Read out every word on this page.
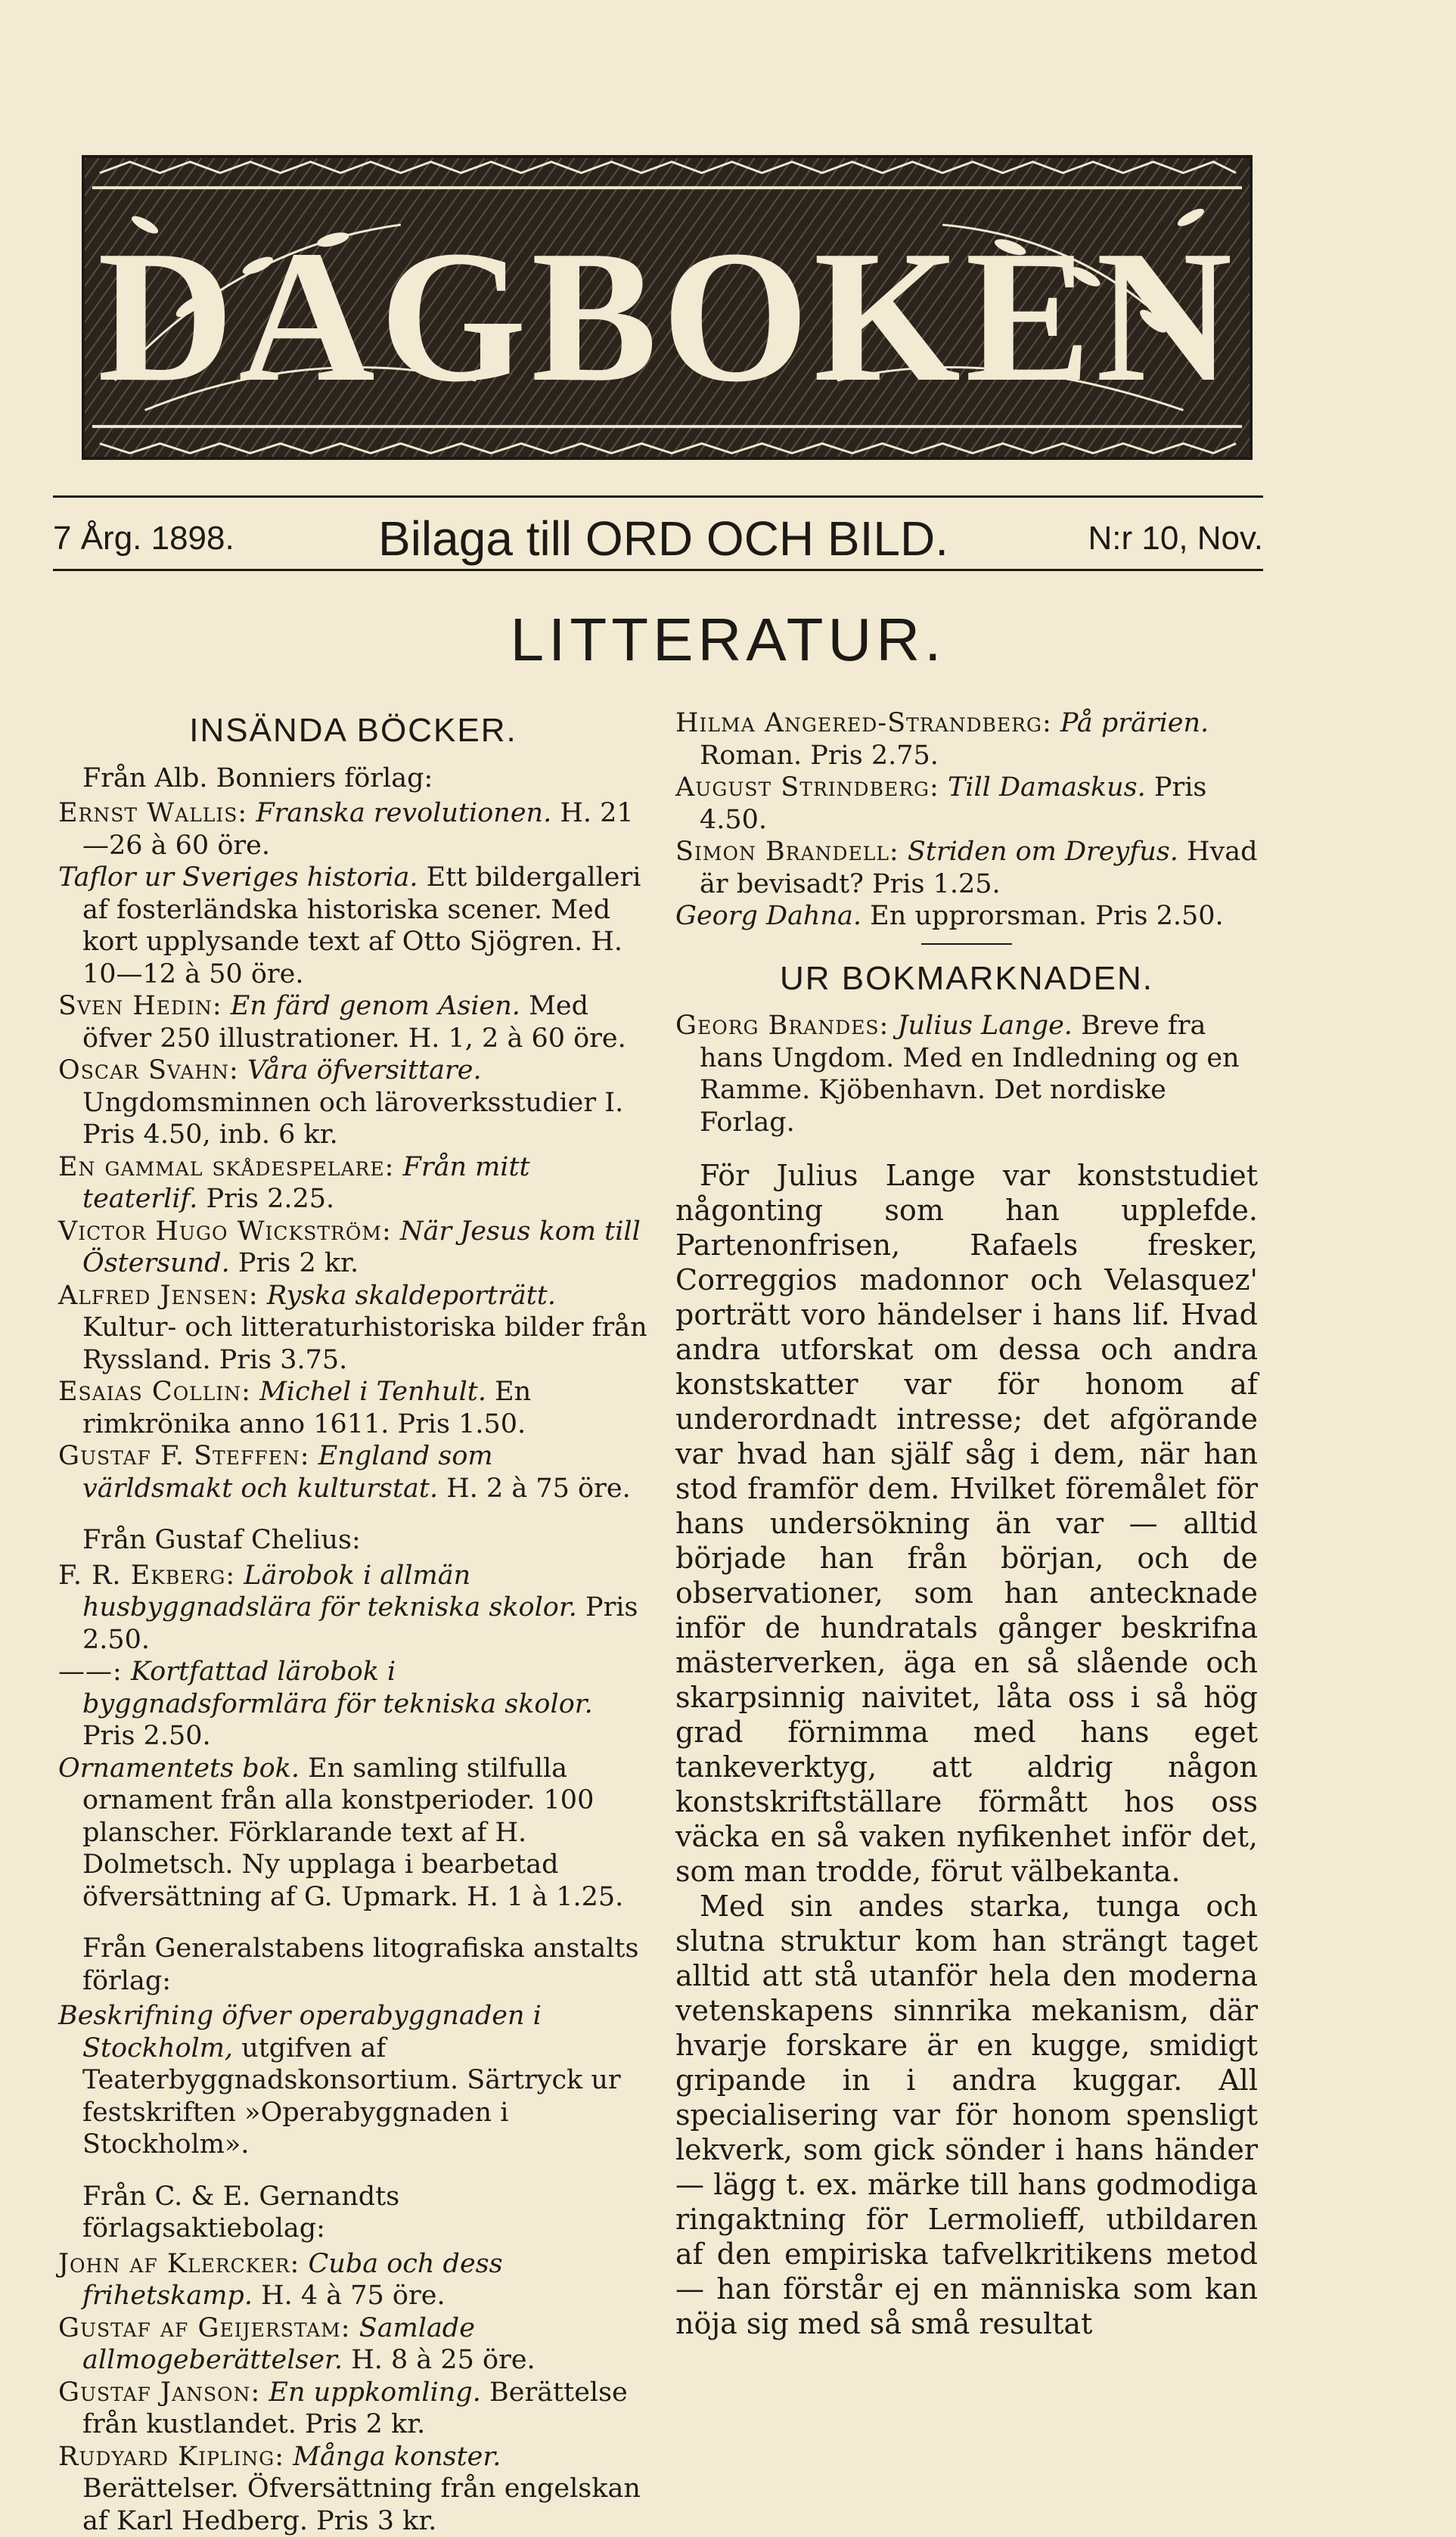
DAGBOKEN
7 Årg. 1898.	Bilaga till ORD OCH BILD.	N:r 10, Nov.
LITTERATUR.
INSÄNDA BÖCKER.
Från Alb. Bonniers förlag:

Ernst Wallis: Franska revolutionen. H. 21—26 à 60 öre.

Taflor ur Sveriges historia. Ett bildergalleri af fosterländska historiska scener. Med kort upplysande text af Otto Sjögren. H. 10—12 à 50 öre.

Sven Hedin: En färd genom Asien. Med öfver 250 illustrationer. H. 1, 2 à 60 öre.

Oscar Svahn: Våra öfversittare. Ungdomsminnen och läroverksstudier I. Pris 4.50, inb. 6 kr.

En gammal skådespelare: Från mitt teaterlif. Pris 2.25.

Victor Hugo Wickström: När Jesus kom till Östersund. Pris 2 kr.

Alfred Jensen: Ryska skaldeporträtt. Kultur- och litteraturhistoriska bilder från Ryssland. Pris 3.75.

Esaias Collin: Michel i Tenhult. En rimkrönika anno 1611. Pris 1.50.

Gustaf F. Steffen: England som världsmakt och kulturstat. H. 2 à 75 öre.

Från Gustaf Chelius:

F. R. Ekberg: Lärobok i allmän husbyggnadslära för tekniska skolor. Pris 2.50.

——: Kortfattad lärobok i byggnadsformlära för tekniska skolor. Pris 2.50.

Ornamentets bok. En samling stilfulla ornament från alla konstperioder. 100 planscher. Förklarande text af H. Dolmetsch. Ny upplaga i bearbetad öfversättning af G. Upmark. H. 1 à 1.25.

Från Generalstabens litografiska anstalts förlag:

Beskrifning öfver operabyggnaden i Stockholm, utgifven af Teaterbyggnadskonsortium. Särtryck ur festskriften »Operabyggnaden i Stockholm».

Från C. & E. Gernandts förlagsaktiebolag:

John af Klercker: Cuba och dess frihetskamp. H. 4 à 75 öre.

Gustaf af Geijerstam: Samlade allmogeberättelser. H. 8 à 25 öre.

Gustaf Janson: En uppkomling. Berättelse från kustlandet. Pris 2 kr.

Rudyard Kipling: Många konster. Berättelser. Öfversättning från engelskan af Karl Hedberg. Pris 3 kr.

Hilma Angered-Strandberg: På prärien. Roman. Pris 2.75.

August Strindberg: Till Damaskus. Pris 4.50.

Simon Brandell: Striden om Dreyfus. Hvad är bevisadt? Pris 1.25.

Georg Dahna. En upprorsman. Pris 2.50.

UR BOKMARKNADEN.

Georg Brandes: Julius Lange. Breve fra hans Ungdom. Med en Indledning og en Ramme. Kjöbenhavn. Det nordiske Forlag.

För Julius Lange var konststudiet någonting som han upplefde. Partenonfrisen, Rafaels fresker, Correggios madonnor och Velasquez' porträtt voro händelser i hans lif. Hvad andra utforskat om dessa och andra konstskatter var för honom af underordnadt intresse; det afgörande var hvad han själf såg i dem, när han stod framför dem. Hvilket föremålet för hans undersökning än var — alltid började han från början, och de observationer, som han antecknade inför de hundratals gånger beskrifna mästerverken, äga en så slående och skarpsinnig naivitet, låta oss i så hög grad förnimma med hans eget tankeverktyg, att aldrig någon konstskriftställare förmått hos oss väcka en så vaken nyfikenhet inför det, som man trodde, förut välbekanta.

Med sin andes starka, tunga och slutna struktur kom han strängt taget alltid att stå utanför hela den moderna vetenskapens sinnrika mekanism, där hvarje forskare är en kugge, smidigt gripande in i andra kuggar. All specialisering var för honom spensligt lekverk, som gick sönder i hans händer — lägg t. ex. märke till hans godmodiga ringaktning för Lermolieff, utbildaren af den empiriska tafvelkritikens metod — han förstår ej en människa som kan nöja sig med så små resultat
